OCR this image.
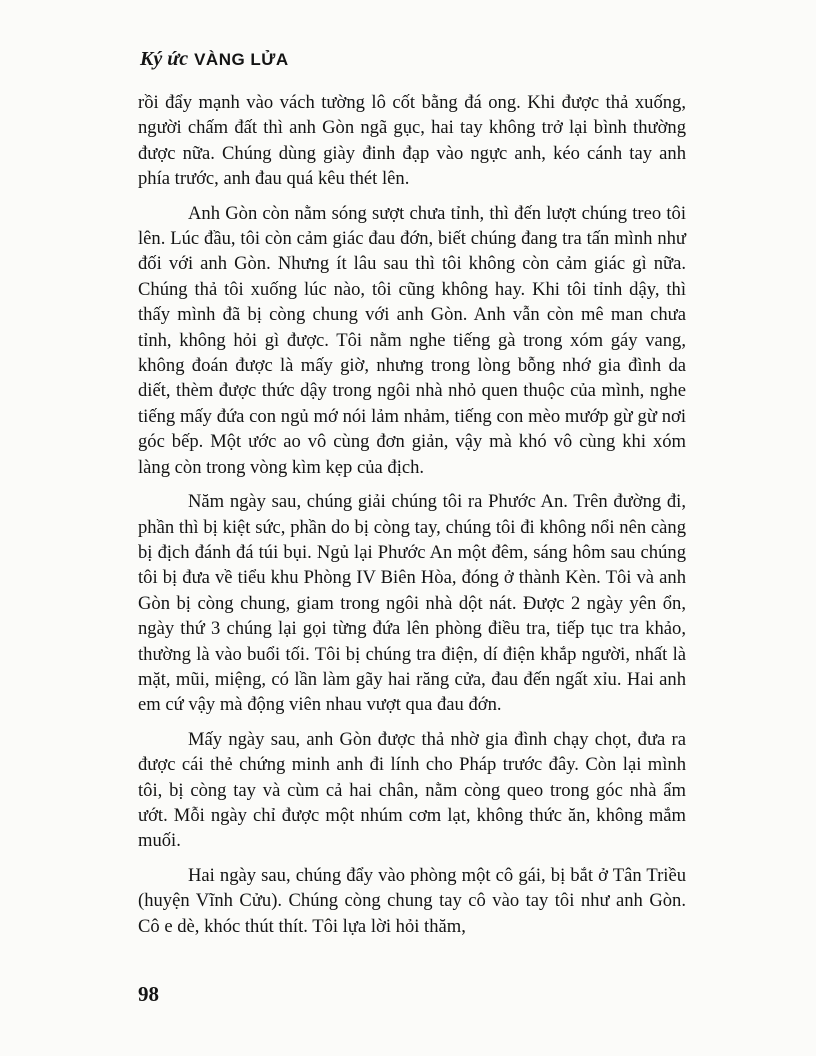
Ký ức VÀNG LỬA

rồi đẩy mạnh vào vách tường lô cốt bằng đá ong. Khi được thả xuống, người chấm đất thì anh Gòn ngã gục, hai tay không trở lại bình thường được nữa. Chúng dùng giày đinh đạp vào ngực anh, kéo cánh tay anh phía trước, anh đau quá kêu thét lên.

Anh Gòn còn nằm sóng sượt chưa tỉnh, thì đến lượt chúng treo tôi lên. Lúc đầu, tôi còn cảm giác đau đớn, biết chúng đang tra tấn mình như đối với anh Gòn. Nhưng ít lâu sau thì tôi không còn cảm giác gì nữa. Chúng thả tôi xuống lúc nào, tôi cũng không hay. Khi tôi tỉnh dậy, thì thấy mình đã bị còng chung với anh Gòn. Anh vẫn còn mê man chưa tỉnh, không hỏi gì được. Tôi nằm nghe tiếng gà trong xóm gáy vang, không đoán được là mấy giờ, nhưng trong lòng bỗng nhớ gia đình da diết, thèm được thức dậy trong ngôi nhà nhỏ quen thuộc của mình, nghe tiếng mấy đứa con ngủ mớ nói lảm nhảm, tiếng con mèo mướp gừ gừ nơi góc bếp. Một ước ao vô cùng đơn giản, vậy mà khó vô cùng khi xóm làng còn trong vòng kìm kẹp của địch.

Năm ngày sau, chúng giải chúng tôi ra Phước An. Trên đường đi, phần thì bị kiệt sức, phần do bị còng tay, chúng tôi đi không nổi nên càng bị địch đánh đá túi bụi. Ngủ lại Phước An một đêm, sáng hôm sau chúng tôi bị đưa về tiểu khu Phòng IV Biên Hòa, đóng ở thành Kèn. Tôi và anh Gòn bị còng chung, giam trong ngôi nhà dột nát. Được 2 ngày yên ổn, ngày thứ 3 chúng lại gọi từng đứa lên phòng điều tra, tiếp tục tra khảo, thường là vào buổi tối. Tôi bị chúng tra điện, dí điện khắp người, nhất là mặt, mũi, miệng, có lần làm gãy hai răng cửa, đau đến ngất xỉu. Hai anh em cứ vậy mà động viên nhau vượt qua đau đớn.

Mấy ngày sau, anh Gòn được thả nhờ gia đình chạy chọt, đưa ra được cái thẻ chứng minh anh đi lính cho Pháp trước đây. Còn lại mình tôi, bị còng tay và cùm cả hai chân, nằm còng queo trong góc nhà ẩm ướt. Mỗi ngày chỉ được một nhúm cơm lạt, không thức ăn, không mắm muối.

Hai ngày sau, chúng đẩy vào phòng một cô gái, bị bắt ở Tân Triều (huyện Vĩnh Cửu). Chúng còng chung tay cô vào tay tôi như anh Gòn. Cô e dè, khóc thút thít. Tôi lựa lời hỏi thăm,

98
